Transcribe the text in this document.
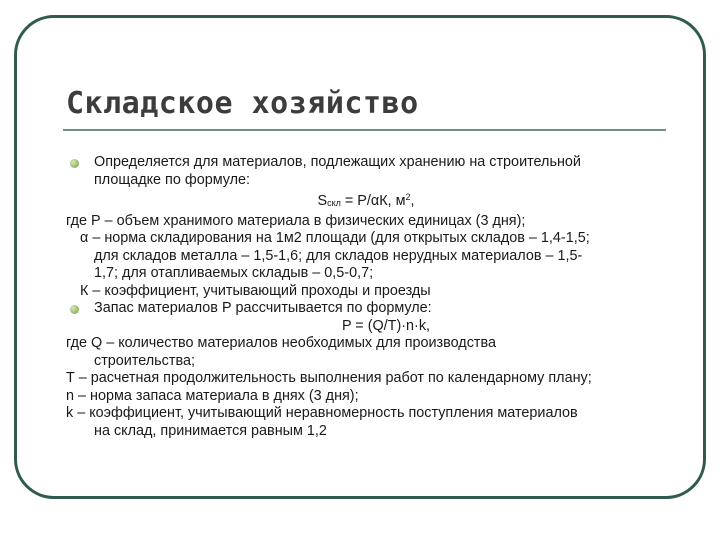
Складское хозяйство
Определяется для материалов, подлежащих хранению на строительной
площадке по формуле:
$S_{скл} = Р/\alpha К$, $м^2$,
где Р – объем хранимого материала в физических единицах (3 дня);
α – норма складирования на 1м2 площади (для открытых складов – 1,4-1,5;
для складов металла – 1,5-1,6; для складов нерудных материалов – 1,5-
1,7; для отапливаемых складыв – 0,5-0,7;
К – коэффициент, учитывающий проходы и проезды
Запас материалов Р рассчитывается по формуле:
P = (Q/T)·n·k,
где Q – количество материалов необходимых для производства
строительства;
Т – расчетная продолжительность выполнения работ по календарному плану;
n – норма запаса материала в днях (3 дня);
k – коэффициент, учитывающий неравномерность поступления материалов
на склад, принимается равным 1,2
